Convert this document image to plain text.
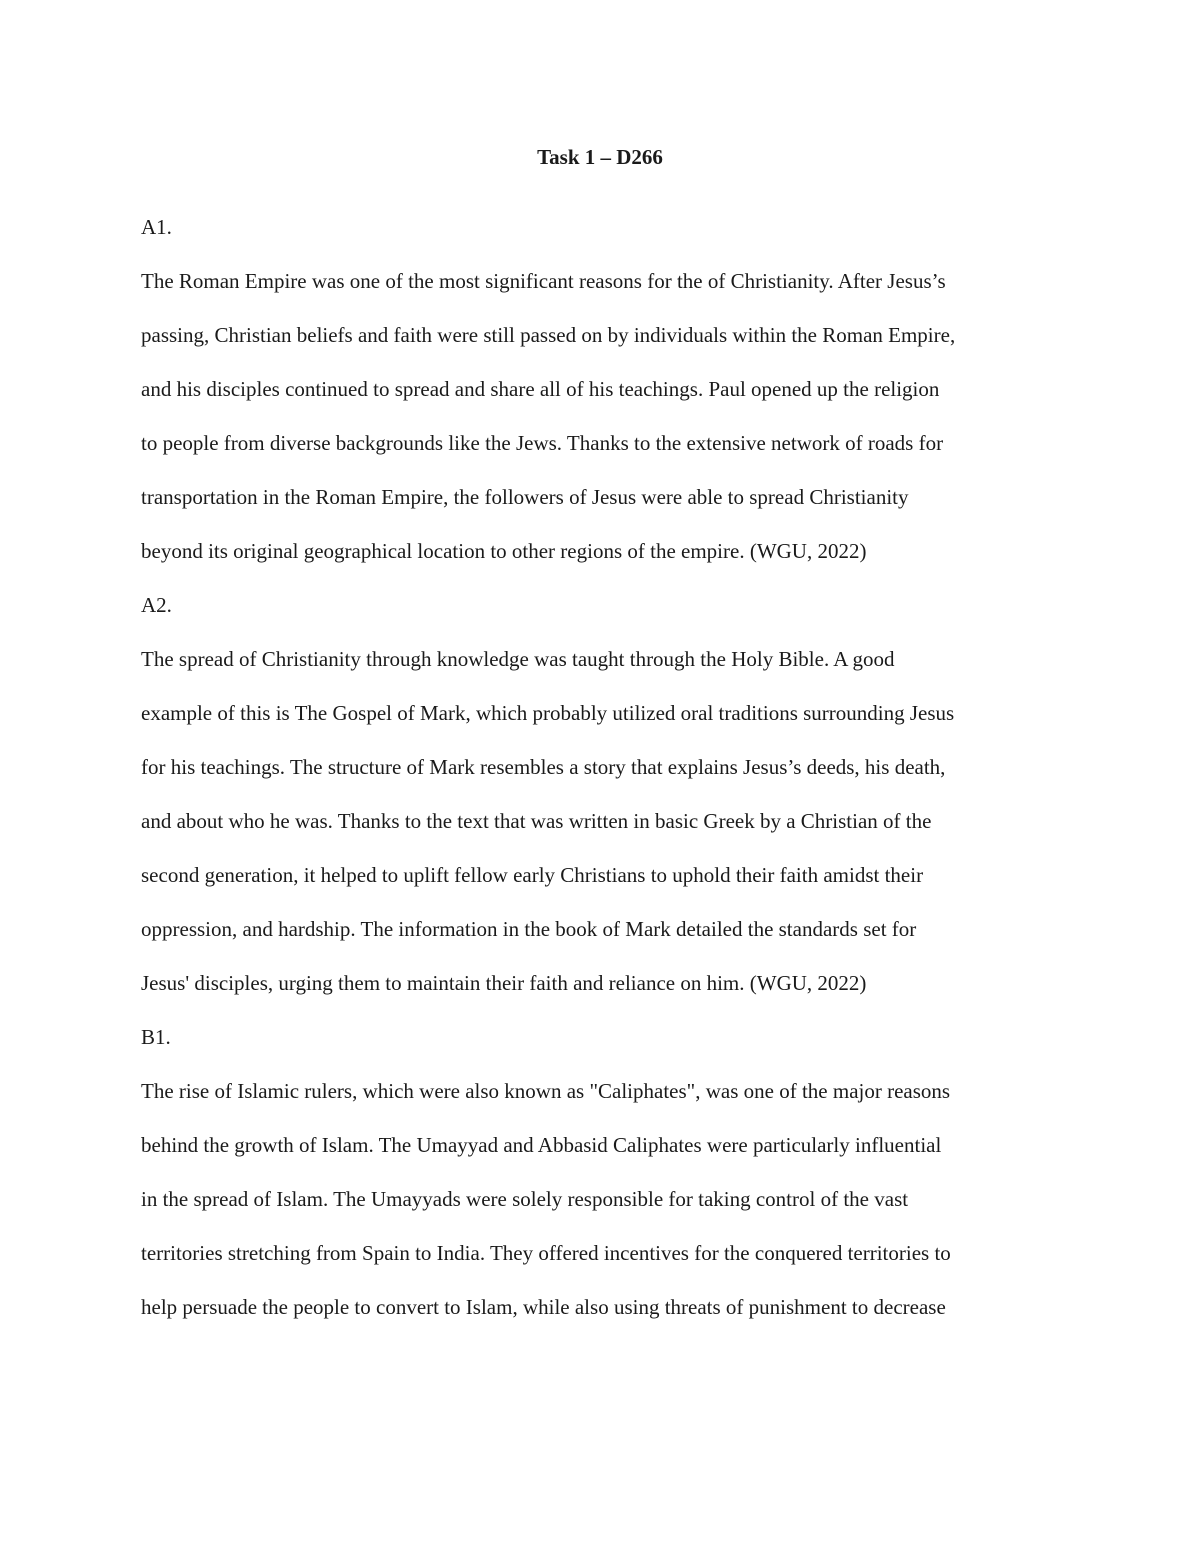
Task 1 – D266

A1.

The Roman Empire was one of the most significant reasons for the of Christianity. After Jesus’s

passing, Christian beliefs and faith were still passed on by individuals within the Roman Empire,

and his disciples continued to spread and share all of his teachings. Paul opened up the religion

to people from diverse backgrounds like the Jews. Thanks to the extensive network of roads for

transportation in the Roman Empire, the followers of Jesus were able to spread Christianity

beyond its original geographical location to other regions of the empire. (WGU, 2022)

A2.

The spread of Christianity through knowledge was taught through the Holy Bible. A good

example of this is The Gospel of Mark, which probably utilized oral traditions surrounding Jesus

for his teachings. The structure of Mark resembles a story that explains Jesus’s deeds, his death,

and about who he was. Thanks to the text that was written in basic Greek by a Christian of the

second generation, it helped to uplift fellow early Christians to uphold their faith amidst their

oppression, and hardship. The information in the book of Mark detailed the standards set for

Jesus' disciples, urging them to maintain their faith and reliance on him. (WGU, 2022)

B1.

The rise of Islamic rulers, which were also known as "Caliphates", was one of the major reasons

behind the growth of Islam. The Umayyad and Abbasid Caliphates were particularly influential

in the spread of Islam. The Umayyads were solely responsible for taking control of the vast

territories stretching from Spain to India. They offered incentives for the conquered territories to

help persuade the people to convert to Islam, while also using threats of punishment to decrease
